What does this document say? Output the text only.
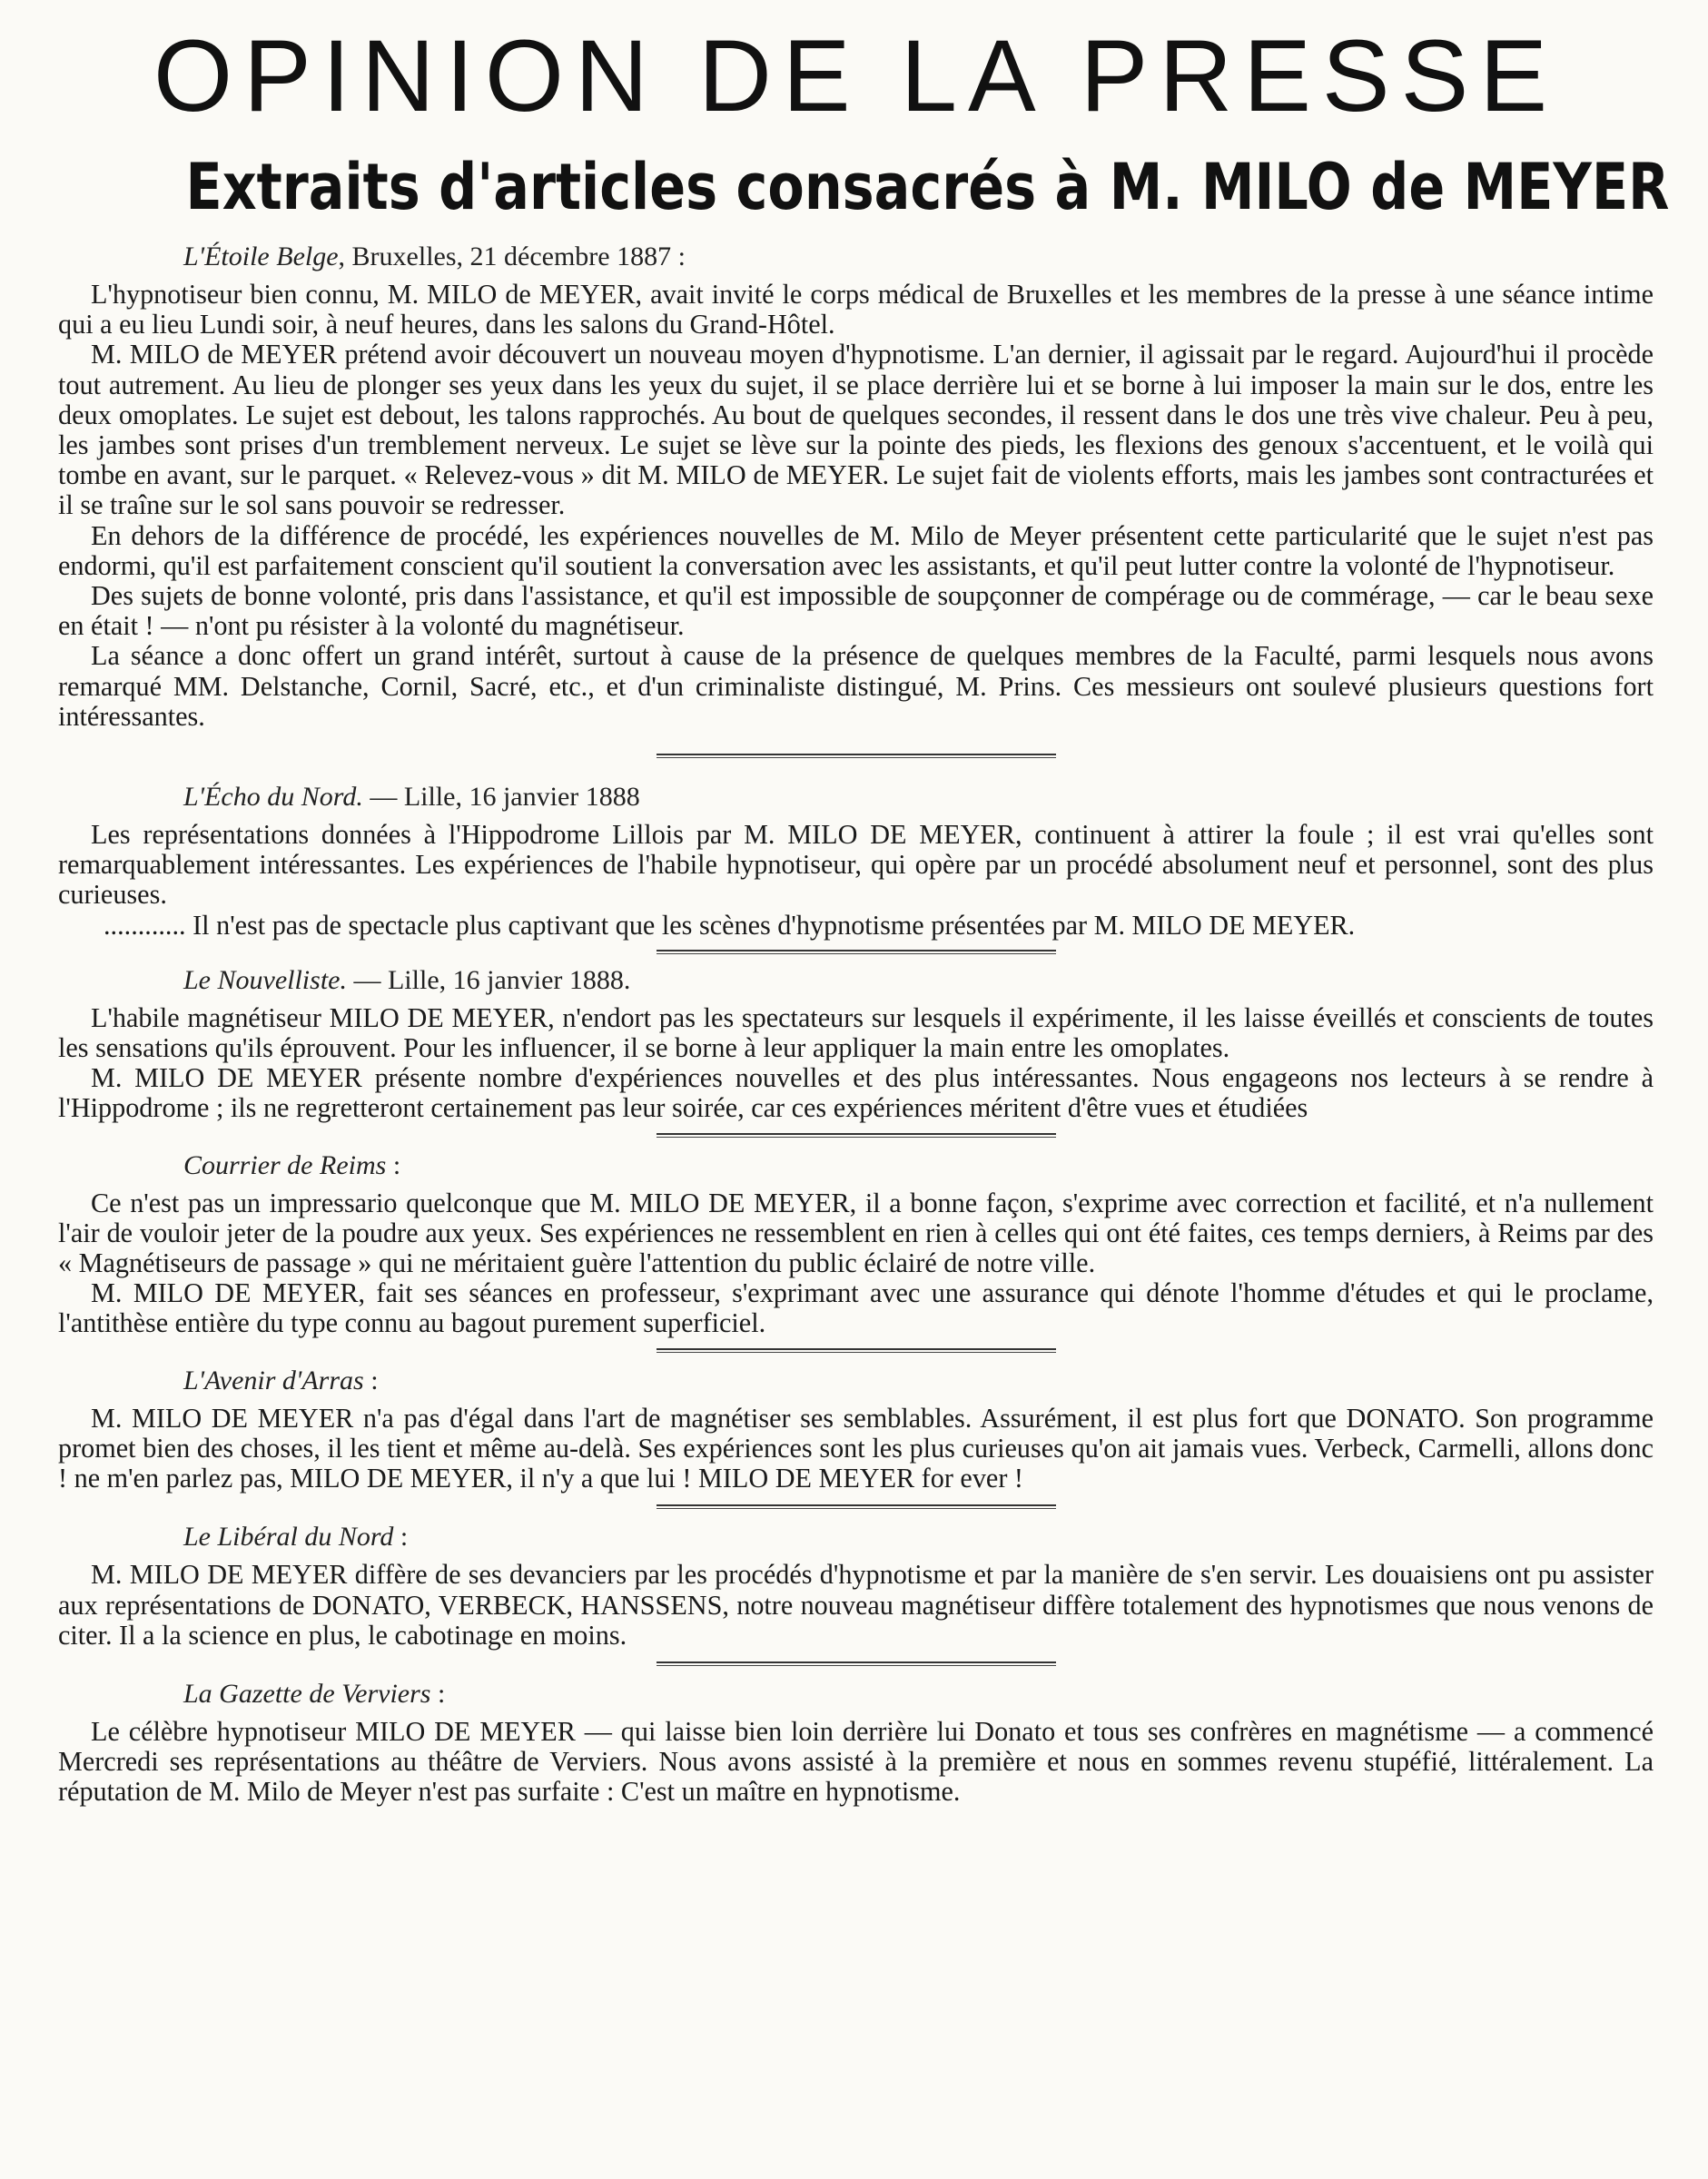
OPINION DE LA PRESSE
Extraits d'articles consacrés à M. MILO de MEYER
L'Étoile Belge, Bruxelles, 21 décembre 1887 :

L'hypnotiseur bien connu, M. MILO de MEYER, avait invité le corps médical de Bruxelles et les membres de la presse à une séance intime qui a eu lieu Lundi soir, à neuf heures, dans les salons du Grand-Hôtel.

M. MILO de MEYER prétend avoir découvert un nouveau moyen d'hypnotisme. L'an dernier, il agissait par le regard. Aujourd'hui il procède tout autrement. Au lieu de plonger ses yeux dans les yeux du sujet, il se place derrière lui et se borne à lui imposer la main sur le dos, entre les deux omoplates. Le sujet est debout, les talons rapprochés. Au bout de quelques secondes, il ressent dans le dos une très vive chaleur. Peu à peu, les jambes sont prises d'un tremblement nerveux. Le sujet se lève sur la pointe des pieds, les flexions des genoux s'accentuent, et le voilà qui tombe en avant, sur le parquet. « Relevez-vous » dit M. MILO de MEYER. Le sujet fait de violents efforts, mais les jambes sont contracturées et il se traîne sur le sol sans pouvoir se redresser.

En dehors de la différence de procédé, les expériences nouvelles de M. Milo de Meyer présentent cette particularité que le sujet n'est pas endormi, qu'il est parfaitement conscient qu'il soutient la conversation avec les assistants, et qu'il peut lutter contre la volonté de l'hypnotiseur.

Des sujets de bonne volonté, pris dans l'assistance, et qu'il est impossible de soupçonner de compérage ou de commérage, — car le beau sexe en était ! — n'ont pu résister à la volonté du magnétiseur.

La séance a donc offert un grand intérêt, surtout à cause de la présence de quelques membres de la Faculté, parmi lesquels nous avons remarqué MM. Delstanche, Cornil, Sacré, etc., et d'un criminaliste distingué, M. Prins. Ces messieurs ont soulevé plusieurs questions fort intéressantes.

L'Écho du Nord. — Lille, 16 janvier 1888

Les représentations données à l'Hippodrome Lillois par M. MILO DE MEYER, continuent à attirer la foule ; il est vrai qu'elles sont remarquablement intéressantes. Les expériences de l'habile hypnotiseur, qui opère par un procédé absolument neuf et personnel, sont des plus curieuses.

............ Il n'est pas de spectacle plus captivant que les scènes d'hypnotisme présentées par M. MILO DE MEYER.

Le Nouvelliste. — Lille, 16 janvier 1888.

L'habile magnétiseur MILO DE MEYER, n'endort pas les spectateurs sur lesquels il expérimente, il les laisse éveillés et conscients de toutes les sensations qu'ils éprouvent. Pour les influencer, il se borne à leur appliquer la main entre les omoplates.

M. MILO DE MEYER présente nombre d'expériences nouvelles et des plus intéressantes. Nous engageons nos lecteurs à se rendre à l'Hippodrome ; ils ne regretteront certainement pas leur soirée, car ces expériences méritent d'être vues et étudiées

Courrier de Reims :

Ce n'est pas un impressario quelconque que M. MILO DE MEYER, il a bonne façon, s'exprime avec correction et facilité, et n'a nullement l'air de vouloir jeter de la poudre aux yeux. Ses expériences ne ressemblent en rien à celles qui ont été faites, ces temps derniers, à Reims par des « Magnétiseurs de passage » qui ne méritaient guère l'attention du public éclairé de notre ville.

M. MILO DE MEYER, fait ses séances en professeur, s'exprimant avec une assurance qui dénote l'homme d'études et qui le proclame, l'antithèse entière du type connu au bagout purement superficiel.

L'Avenir d'Arras :

M. MILO DE MEYER n'a pas d'égal dans l'art de magnétiser ses semblables. Assurément, il est plus fort que DONATO. Son programme promet bien des choses, il les tient et même au-delà. Ses expériences sont les plus curieuses qu'on ait jamais vues. Verbeck, Carmelli, allons donc ! ne m'en parlez pas, MILO DE MEYER, il n'y a que lui ! MILO DE MEYER for ever !

Le Libéral du Nord :

M. MILO DE MEYER diffère de ses devanciers par les procédés d'hypnotisme et par la manière de s'en servir. Les douaisiens ont pu assister aux représentations de DONATO, VERBECK, HANSSENS, notre nouveau magnétiseur diffère totalement des hypnotismes que nous venons de citer. Il a la science en plus, le cabotinage en moins.

La Gazette de Verviers :

Le célèbre hypnotiseur MILO DE MEYER — qui laisse bien loin derrière lui Donato et tous ses confrères en magnétisme — a commencé Mercredi ses représentations au théâtre de Verviers. Nous avons assisté à la première et nous en sommes revenu stupéfié, littéralement. La réputation de M. Milo de Meyer n'est pas surfaite : C'est un maître en hypnotisme.
